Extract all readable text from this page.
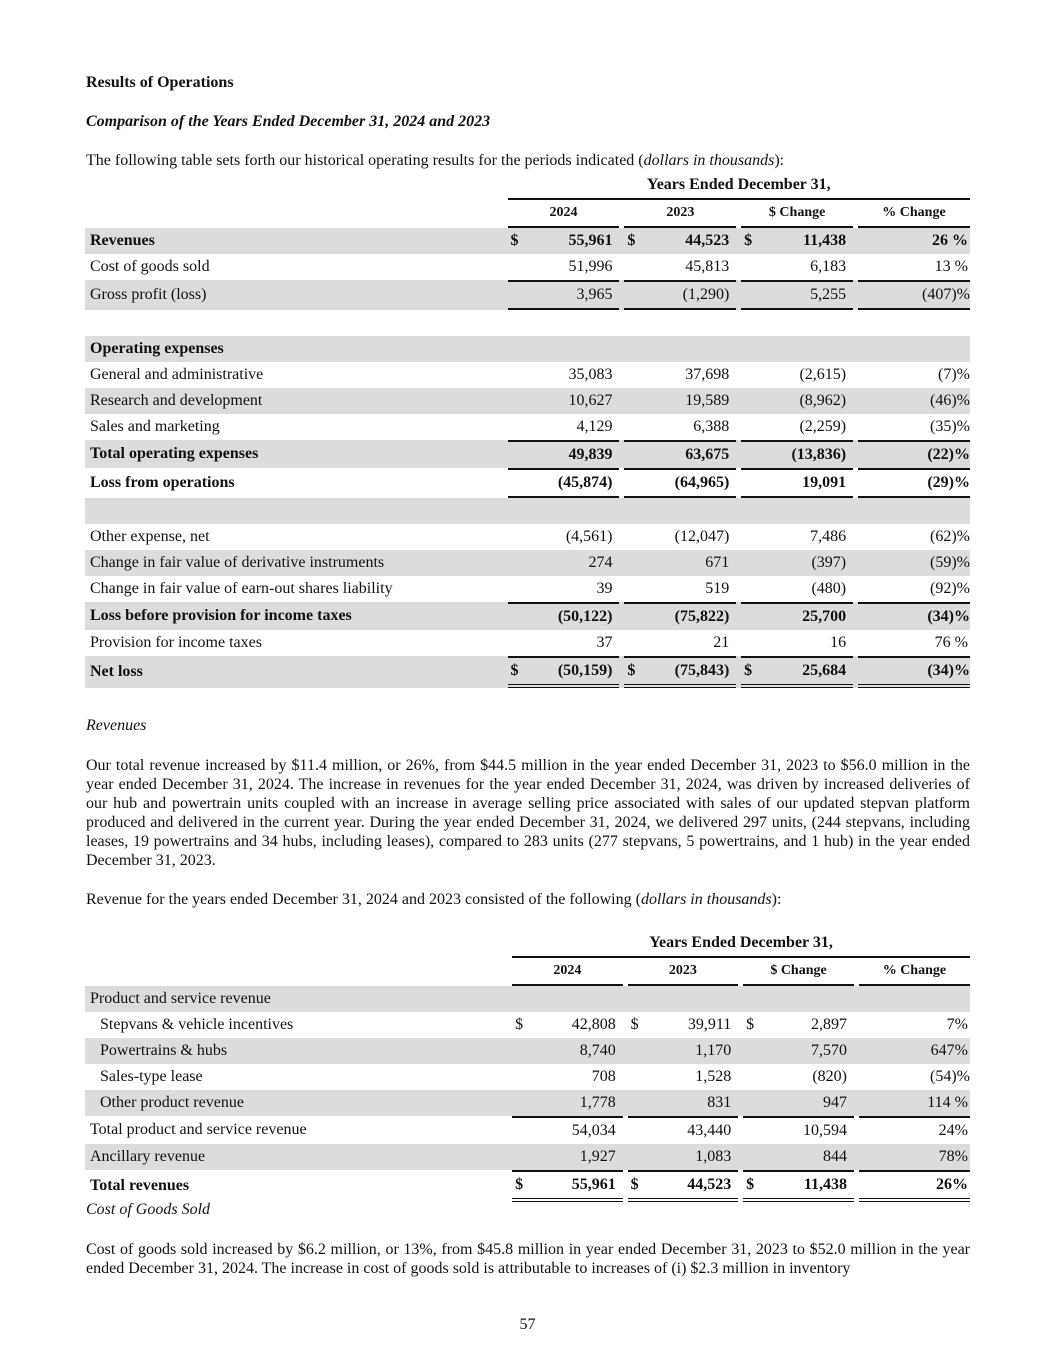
Results of Operations
Comparison of the Years Ended December 31, 2024 and 2023
The following table sets forth our historical operating results for the periods indicated (dollars in thousands):
		Years Ended December 31,						
		2024		2023		$ Change		% Change
Revenues		$ 55,961		$ 44,523		$ 11,438		26 %

Cost of goods sold		51,996		45,813		6,183		13 %

Gross profit (loss)		3,965		(1,290)		5,255		(407)%

Operating expenses								
General and administrative		35,083		37,698		(2,615)		(7)%

Research and development		10,627		19,589		(8,962)		(46)%

Sales and marketing		4,129		6,388		(2,259)		(35)%

Total operating expenses		49,839		63,675		(13,836)		(22)%

Loss from operations		(45,874)		(64,965)		19,091		(29)%

Other expense, net		(4,561)		(12,047)		7,486		(62)%

Change in fair value of derivative instruments		274		671		(397)		(59)%

Change in fair value of earn-out shares liability		39		519		(480)		(92)%

Loss before provision for income taxes		(50,122)		(75,822)		25,700		(34)%

Provision for income taxes		37		21		16		76 %

Net loss		$ (50,159)		$ (75,843)		$ 25,684		(34)%
		Years Ended December 31,						
		2024		2023		$ Change		% Change
Product and service revenue								
Stepvans & vehicle incentives		$ 42,808		$ 39,911		$ 2,897		7%

Powertrains & hubs		8,740		1,170		7,570		647%

Sales-type lease		708		1,528		(820)		(54)%

Other product revenue		1,778		831		947		114 %

Total product and service revenue		54,034		43,440		10,594		24%

Ancillary revenue		1,927		1,083		844		78%

Total revenues		$ 55,961		$ 44,523		$ 11,438		26%
Revenues
Our total revenue increased by $11.4 million, or 26%, from $44.5 million in the year ended December 31, 2023 to $56.0 million in the year ended December 31, 2024. The increase in revenues for the year ended December 31, 2024, was driven by increased deliveries of our hub and powertrain units coupled with an increase in average selling price associated with sales of our updated stepvan platform produced and delivered in the current year. During the year ended December 31, 2024, we delivered 297 units, (244 stepvans, including leases, 19 powertrains and 34 hubs, including leases), compared to 283 units (277 stepvans, 5 powertrains, and 1 hub) in the year ended December 31, 2023.
Revenue for the years ended December 31, 2024 and 2023 consisted of the following (dollars in thousands):
Cost of Goods Sold
Cost of goods sold increased by $6.2 million, or 13%, from $45.8 million in year ended December 31, 2023 to $52.0 million in the year ended December 31, 2024. The increase in cost of goods sold is attributable to increases of (i) $2.3 million in inventory
57
